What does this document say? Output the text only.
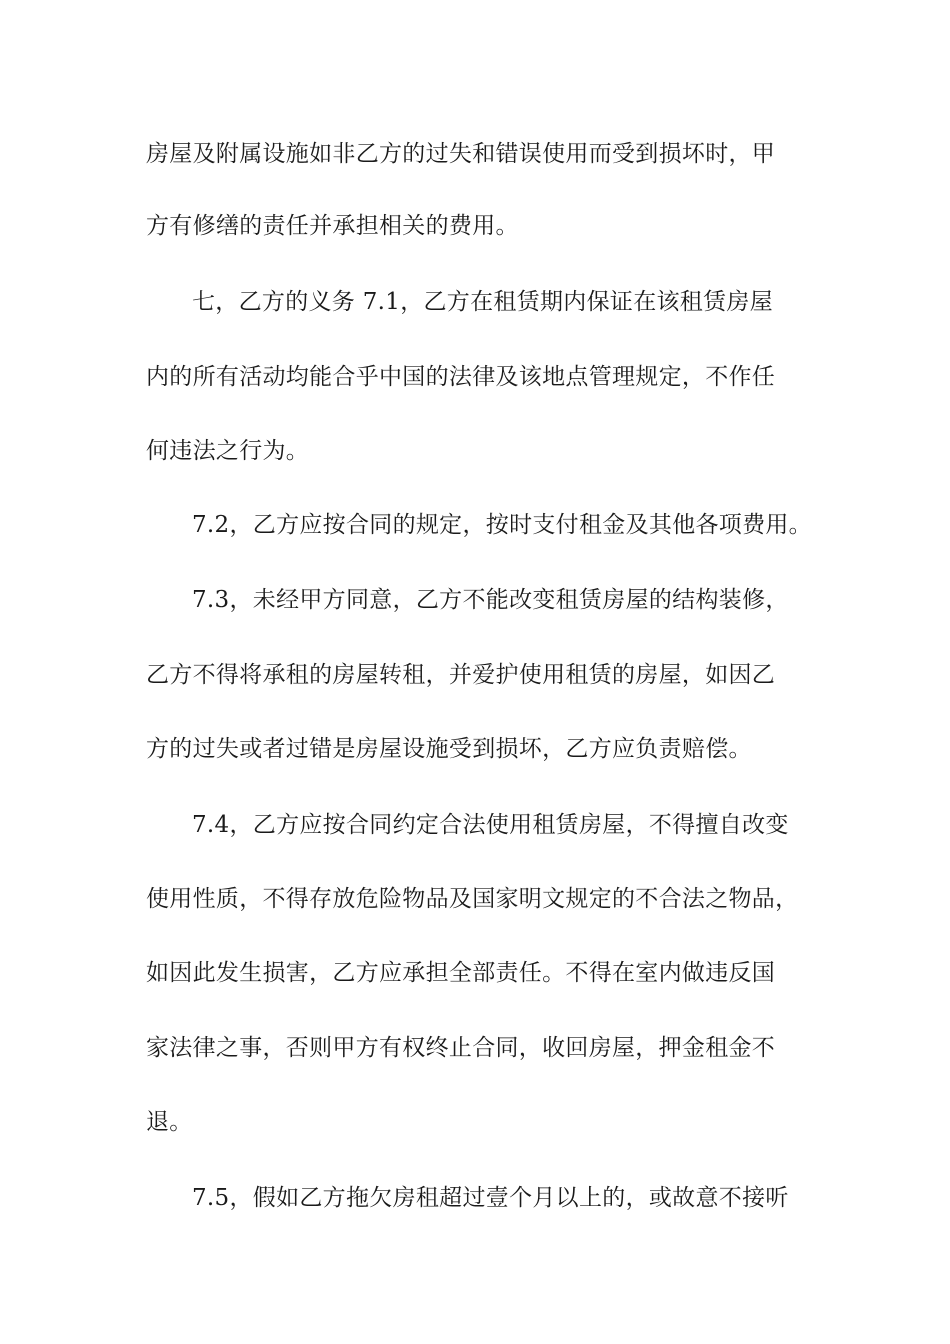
房屋及附属设施如非乙方的过失和错误使用而受到损坏时，甲
方有修缮的责任并承担相关的费用。
七，乙方的义务 7.1，乙方在租赁期内保证在该租赁房屋
内的所有活动均能合乎中国的法律及该地点管理规定，不作任
何违法之行为。
7.2，乙方应按合同的规定，按时支付租金及其他各项费用。
7.3，未经甲方同意，乙方不能改变租赁房屋的结构装修，
乙方不得将承租的房屋转租，并爱护使用租赁的房屋，如因乙
方的过失或者过错是房屋设施受到损坏，乙方应负责赔偿。
7.4，乙方应按合同约定合法使用租赁房屋，不得擅自改变
使用性质，不得存放危险物品及国家明文规定的不合法之物品，
如因此发生损害，乙方应承担全部责任。不得在室内做违反国
家法律之事，否则甲方有权终止合同，收回房屋，押金租金不
退。
7.5，假如乙方拖欠房租超过壹个月以上的，或故意不接听
